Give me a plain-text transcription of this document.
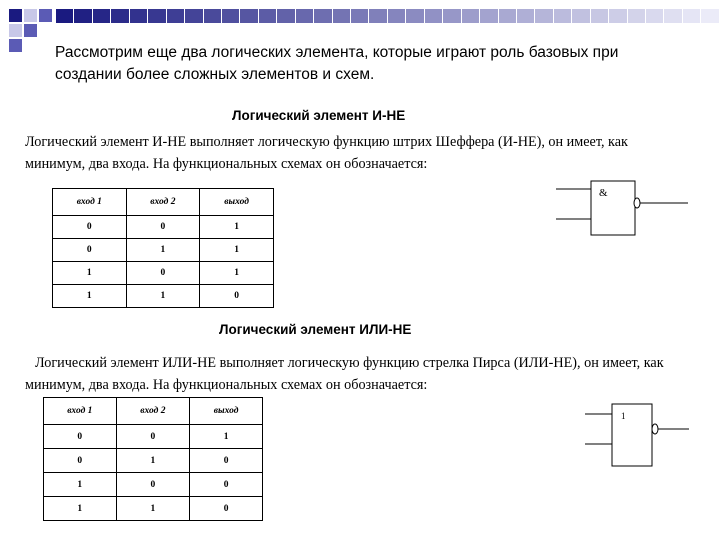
Рассмотрим еще два логических элемента, которые играют роль базовых при создании более сложных элементов и схем.
Логический элемент И-НЕ
Логический элемент И-НЕ выполняет логическую функцию штрих Шеффера (И-НЕ), он имеет, как минимум, два входа. На функциональных схемах он обозначается:
вход 1	вход 2	выход
0	0	1
0	1	1
1	0	1
1	1	0
&
Логический элемент ИЛИ-НЕ
Логический элемент ИЛИ-НЕ выполняет логическую функцию стрелка Пирса (ИЛИ-НЕ), он имеет, как минимум, два входа. На функциональных схемах он обозначается:
вход 1	вход 2	выход
0	0	1
0	1	0
1	0	0
1	1	0
1
